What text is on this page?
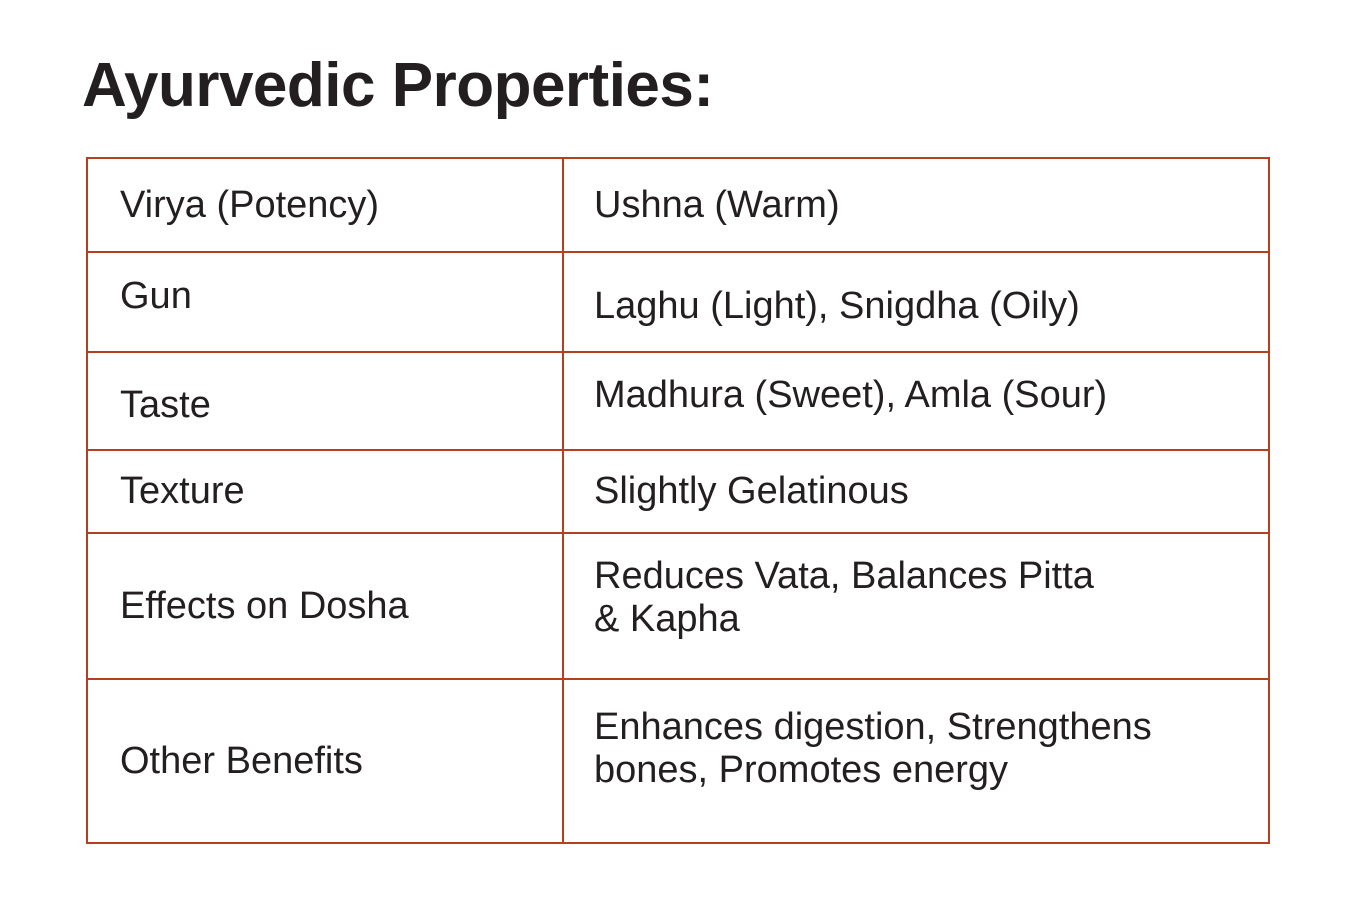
Ayurvedic Properties:
Virya (Potency)	Ushna (Warm)

Gun	Laghu (Light), Snigdha (Oily)

Taste	Madhura (Sweet), Amla (Sour)

Texture	Slightly Gelatinous

Effects on Dosha	Reduces Vata, Balances Pitta
& Kapha

Other Benefits	Enhances digestion, Strengthens
bones, Promotes energy
